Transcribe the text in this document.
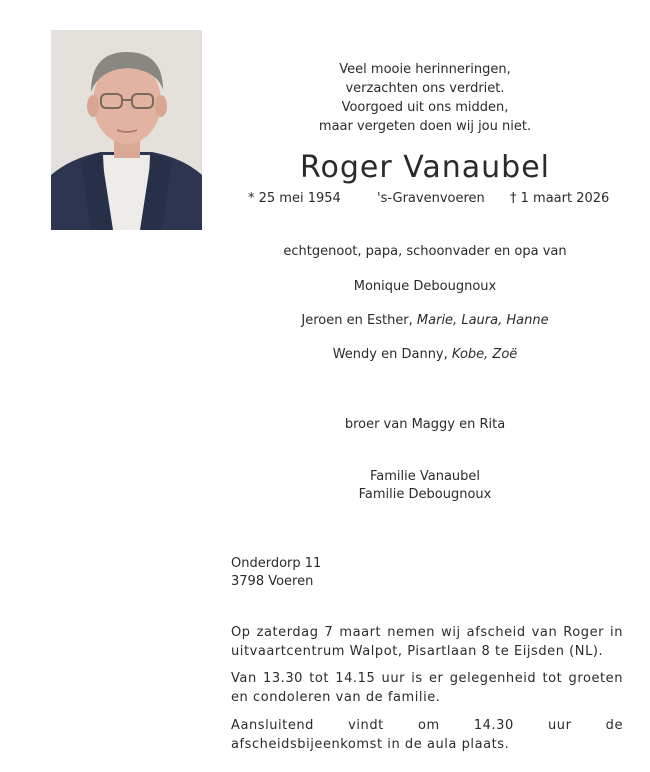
Veel mooie herinneringen,
verzachten ons verdriet.
Voorgoed uit ons midden,
maar vergeten doen wij jou niet.
Roger Vanaubel
* 25 mei 1954	's-Gravenvoeren † 1 maart 2026
echtgenoot, papa, schoonvader en opa van
Monique Debougnoux
Jeroen en Esther, Marie, Laura, Hanne
Wendy en Danny, Kobe, Zoë
broer van Maggy en Rita
Familie Vanaubel
Familie Debougnoux
Onderdorp 11
3798 Voeren
Op zaterdag 7 maart nemen wij afscheid van Roger in uitvaartcentrum Walpot, Pisartlaan 8 te Eijsden (NL).
Van 13.30 tot 14.15 uur is er gelegenheid tot groeten en condoleren van de familie.
Aansluitend vindt om 14.30 uur de afscheidsbijeenkomst in de aula plaats.
